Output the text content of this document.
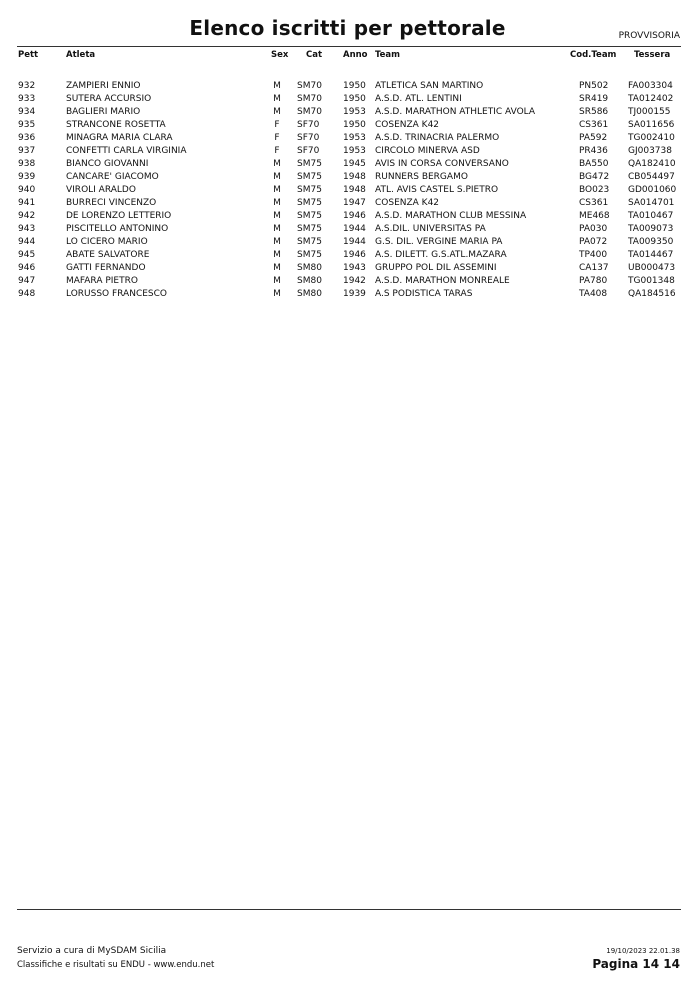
Elenco iscritti per pettorale	PROVVISORIA
Pett	Atleta	Sex Cat Anno Team	Cod.Team Tessera
932	ZAMPIERI ENNIO	M SM70 1950 ATLETICA SAN MARTINO	PN502 FA003304
933	SUTERA ACCURSIO	M SM70 1950 A.S.D. ATL. LENTINI	SR419 TA012402
934	BAGLIERI MARIO	M SM70 1953 A.S.D. MARATHON ATHLETIC AVOLA	SR586 TJ000155
935	STRANCONE ROSETTA	F SF70	1950 COSENZA K42	CS361 SA011656
936	MINAGRA MARIA CLARA	F SF70	1953 A.S.D. TRINACRIA PALERMO	PA592 TG002410
937	CONFETTI CARLA VIRGINIA	F SF70	1953 CIRCOLO MINERVA ASD	PR436 GJ003738
938	BIANCO GIOVANNI	M SM75 1945 AVIS IN CORSA CONVERSANO	BA550 QA182410
939	CANCARE' GIACOMO	M SM75 1948 RUNNERS BERGAMO	BG472 CB054497
940	VIROLI ARALDO	M SM75 1948 ATL. AVIS CASTEL S.PIETRO	BO023 GD001060
941	BURRECI VINCENZO	M SM75 1947 COSENZA K42	CS361 SA014701
942	DE LORENZO LETTERIO	M SM75 1946 A.S.D. MARATHON CLUB MESSINA	ME468 TA010467
943	PISCITELLO ANTONINO	M SM75 1944 A.S.DIL. UNIVERSITAS PA	PA030 TA009073
944	LO CICERO MARIO	M SM75 1944 G.S. DIL. VERGINE MARIA PA	PA072 TA009350
945	ABATE SALVATORE	M SM75 1946 A.S. DILETT. G.S.ATL.MAZARA	TP400 TA014467
946	GATTI FERNANDO	M SM80 1943 GRUPPO POL DIL ASSEMINI	CA137 UB000473
947	MAFARA PIETRO	M SM80 1942 A.S.D. MARATHON MONREALE	PA780 TG001348
948	LORUSSO FRANCESCO	M SM80 1939 A.S PODISTICA TARAS	TA408 QA184516
Servizio a cura di MySDAM Sicilia
Classifiche e risultati su ENDU - www.endu.net
19/10/2023 22.01.38
Pagina 14 14
